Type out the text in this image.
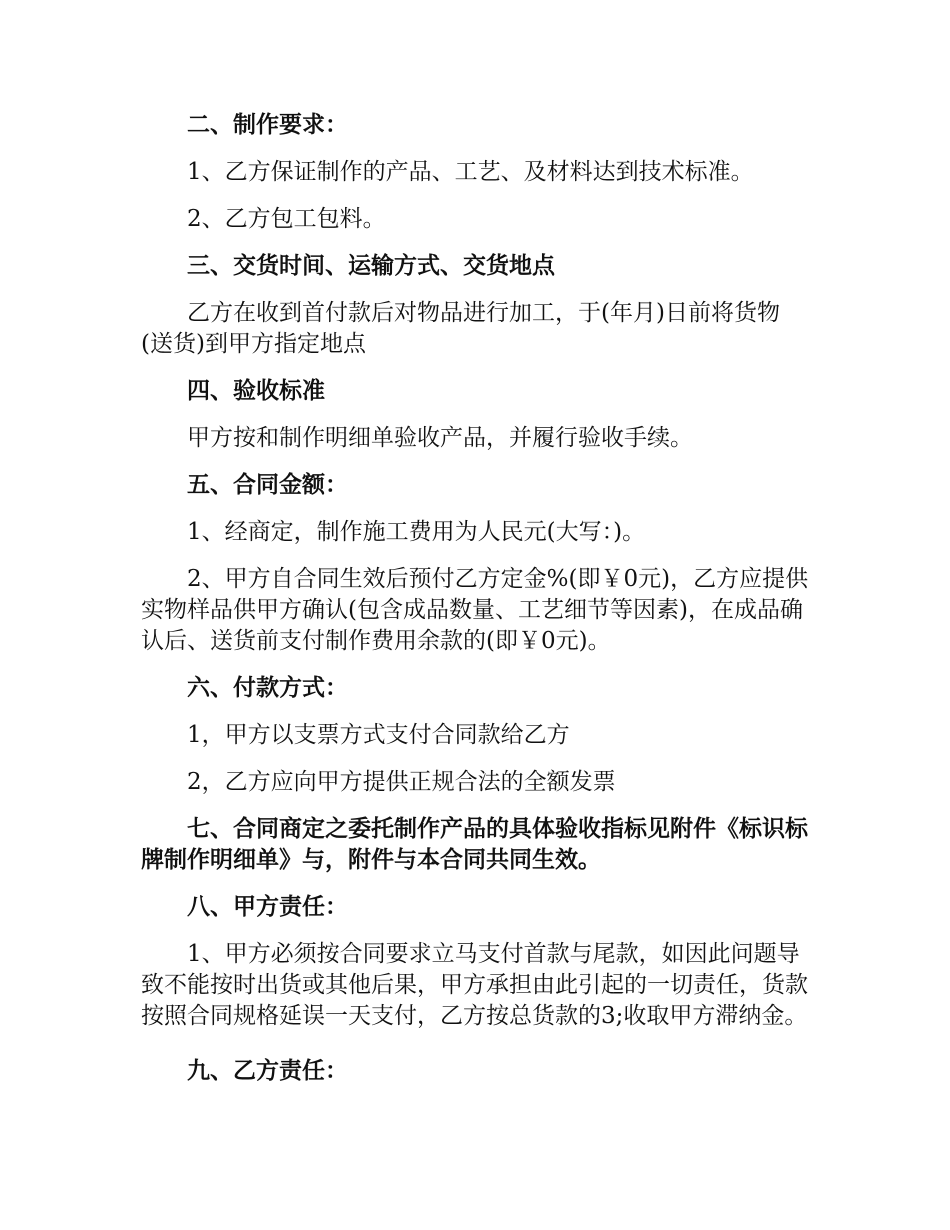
二、制作要求：

1、乙方保证制作的产品、工艺、及材料达到技术标准。

2、乙方包工包料。

三、交货时间、运输方式、交货地点

乙方在收到首付款后对物品进行加工，于(年月)日前将货物(送货)到甲方指定地点

四、验收标准

甲方按和制作明细单验收产品，并履行验收手续。

五、合同金额：

1、经商定，制作施工费用为人民元(大写：)。

2、甲方自合同生效后预付乙方定金%(即￥0元)，乙方应提供实物样品供甲方确认(包含成品数量、工艺细节等因素)，在成品确认后、送货前支付制作费用余款的(即￥0元)。

六、付款方式：

1，甲方以支票方式支付合同款给乙方

2，乙方应向甲方提供正规合法的全额发票

七、合同商定之委托制作产品的具体验收指标见附件《标识标牌制作明细单》与，附件与本合同共同生效。

八、甲方责任：

1、甲方必须按合同要求立马支付首款与尾款，如因此问题导致不能按时出货或其他后果，甲方承担由此引起的一切责任，货款按照合同规格延误一天支付，乙方按总货款的3;收取甲方滞纳金。

九、乙方责任：
